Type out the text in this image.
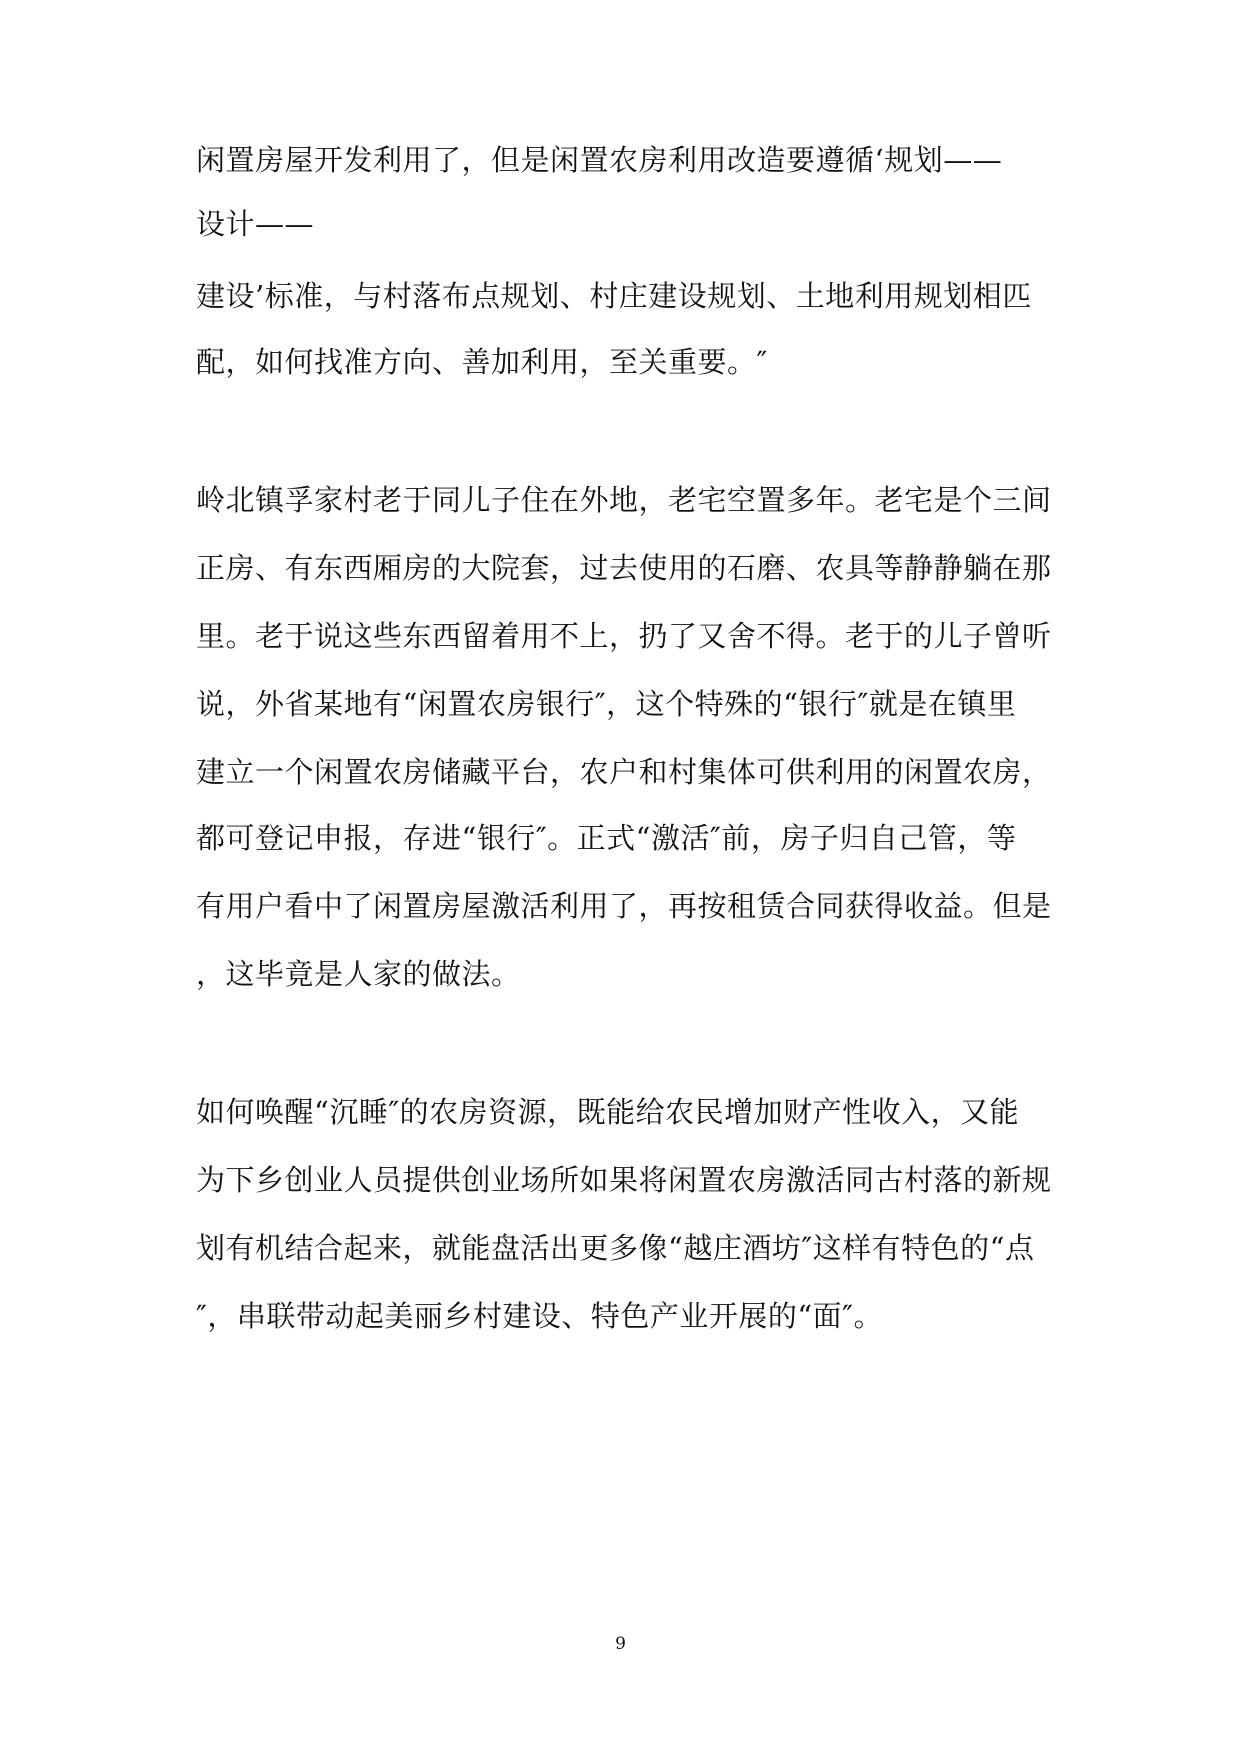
闲置房屋开发利用了，但是闲置农房利用改造要遵循‘规划——
设计——
建设’标准，与村落布点规划、村庄建设规划、土地利用规划相匹
配，如何找准方向、善加利用，至关重要。″
岭北镇孚家村老于同儿子住在外地，老宅空置多年。老宅是个三间
正房、有东西厢房的大院套，过去使用的石磨、农具等静静躺在那
里。老于说这些东西留着用不上，扔了又舍不得。老于的儿子曾听
说，外省某地有“闲置农房银行″，这个特殊的“银行″就是在镇里
建立一个闲置农房储藏平台，农户和村集体可供利用的闲置农房，
都可登记申报，存进“银行″。正式“激活″前，房子归自己管，等
有用户看中了闲置房屋激活利用了，再按租赁合同获得收益。但是
，这毕竟是人家的做法。
如何唤醒“沉睡″的农房资源，既能给农民增加财产性收入，又能
为下乡创业人员提供创业场所如果将闲置农房激活同古村落的新规
划有机结合起来，就能盘活出更多像“越庄酒坊″这样有特色的“点
″，串联带动起美丽乡村建设、特色产业开展的“面″。
9
